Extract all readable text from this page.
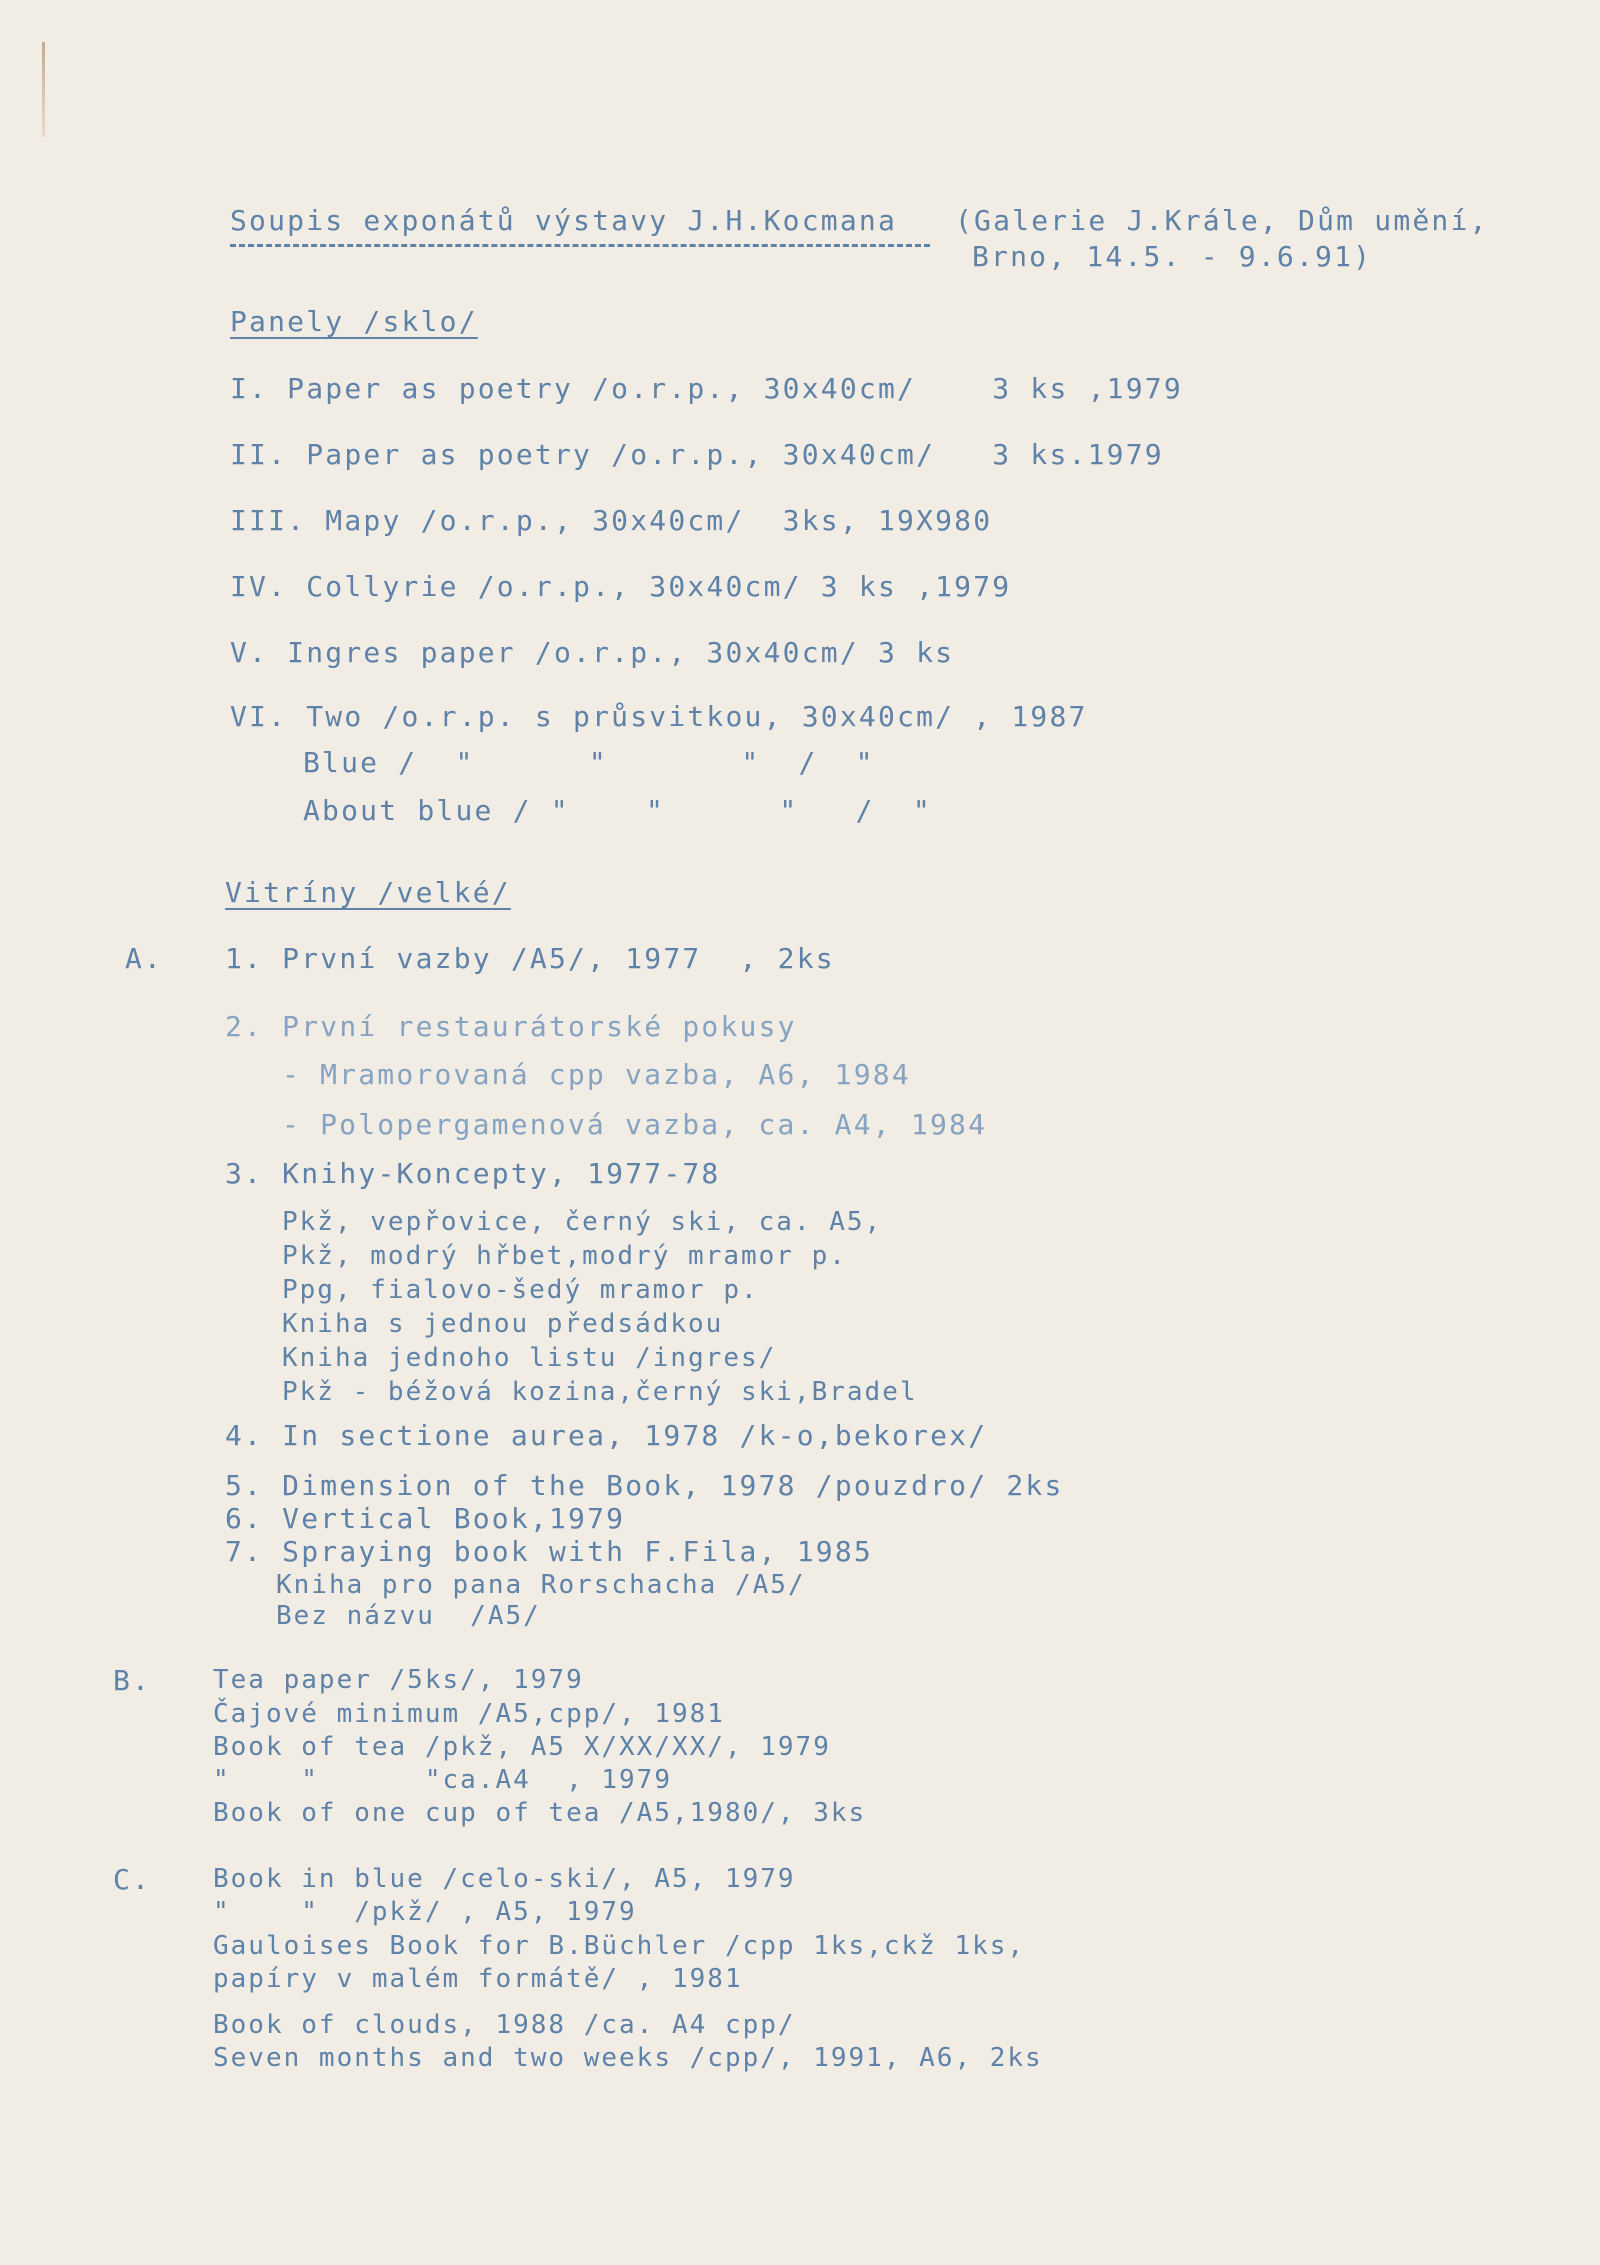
Soupis exponátů výstavy J.H.Kocmana (Galerie J.Krále, Dům umění,

Brno, 14.5. - 9.6.91)

Panely /sklo/

I. Paper as poetry /o.r.p., 30x40cm/    3 ks ,1979

II. Paper as poetry /o.r.p., 30x40cm/   3 ks.1979

III. Mapy /o.r.p., 30x40cm/  3ks, 19X980

IV. Collyrie /o.r.p., 30x40cm/ 3 ks ,1979

V. Ingres paper /o.r.p., 30x40cm/ 3 ks

VI. Two /o.r.p. s průsvitkou, 30x40cm/ , 1987

Blue /  "      "       "  /  "

About blue / "    "      "   /  "

Vitríny /velké/

A. 1. První vazby /A5/, 1977  , 2ks

2. První restaurátorské pokusy

- Mramorovaná cpp vazba, A6, 1984

- Polopergamenová vazba, ca. A4, 1984

3. Knihy-Koncepty, 1977-78

Pkž, vepřovice, černý ski, ca. A5,

Pkž, modrý hřbet,modrý mramor p.

Ppg, fialovo-šedý mramor p.

Kniha s jednou předsádkou

Kniha jednoho listu /ingres/

Pkž - béžová kozina,černý ski,Bradel

4. In sectione aurea, 1978 /k-o,bekorex/

5. Dimension of the Book, 1978 /pouzdro/ 2ks

6. Vertical Book,1979

7. Spraying book with F.Fila, 1985

Kniha pro pana Rorschacha /A5/

Bez názvu  /A5/

B. Tea paper /5ks/, 1979

Čajové minimum /A5,cpp/, 1981

Book of tea /pkž, A5 X/XX/XX/, 1979

"    "      "ca.A4  , 1979

Book of one cup of tea /A5,1980/, 3ks

C. Book in blue /celo-ski/, A5, 1979

"    "  /pkž/ , A5, 1979

Gauloises Book for B.Büchler /cpp 1ks,ckž 1ks,

papíry v malém formátě/ , 1981

Book of clouds, 1988 /ca. A4 cpp/

Seven months and two weeks /cpp/, 1991, A6, 2ks
